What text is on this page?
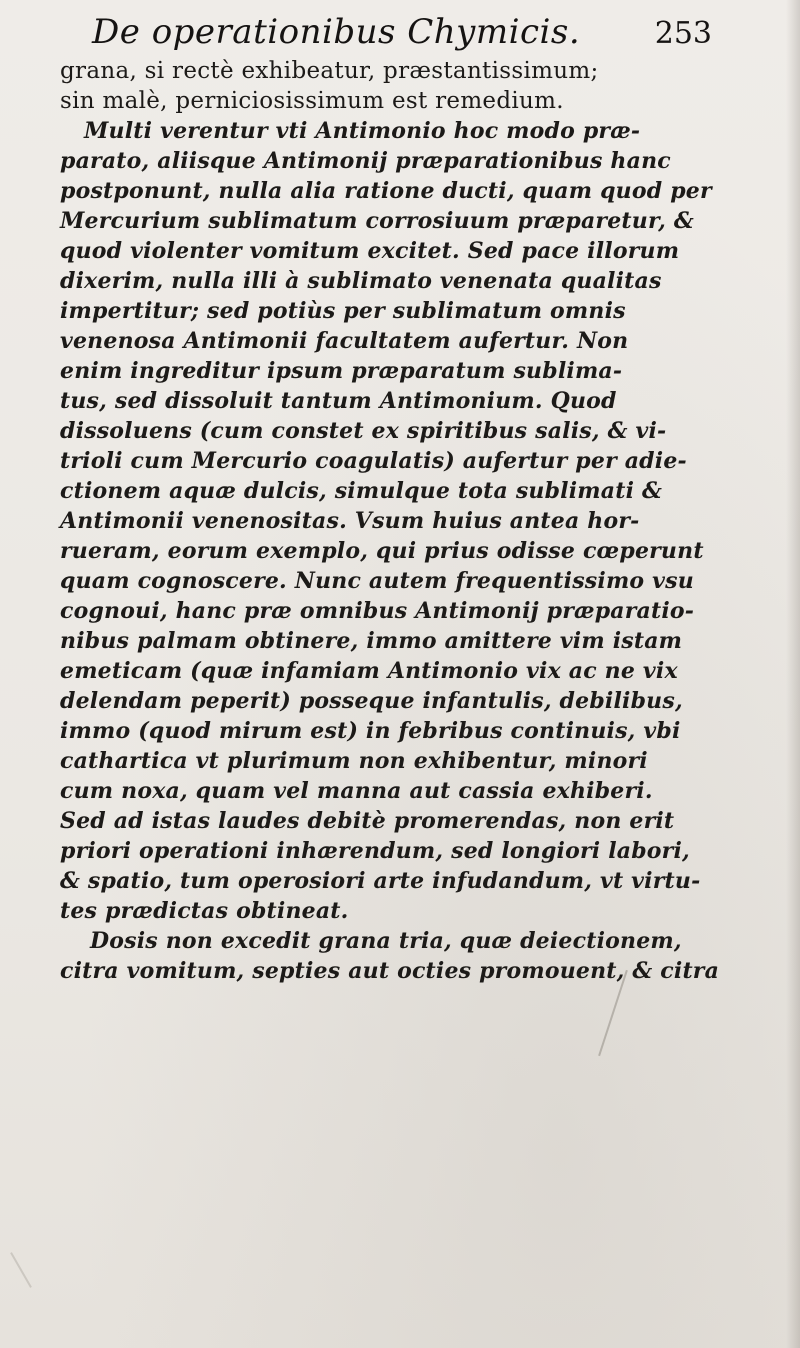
De operationibus Chymicis. 253
grana, si rectè exhibeatur, præstantissimum;
sin malè, perniciosissimum est remedium.
Multi verentur vti Antimonio hoc modo præ-
parato, aliisque Antimonij præparationibus hanc
postponunt, nulla alia ratione ducti, quam quod per
Mercurium sublimatum corrosiuum præparetur, &
quod violenter vomitum excitet. Sed pace illorum
dixerim, nulla illi à sublimato venenata qualitas
impertitur; sed potiùs per sublimatum omnis
venenosa Antimonii facultatem aufertur. Non
enim ingreditur ipsum præparatum sublima-
tus, sed dissoluit tantum Antimonium. Quod
dissoluens (cum constet ex spiritibus salis, & vi-
trioli cum Mercurio coagulatis) aufertur per adie-
ctionem aquæ dulcis, simulque tota sublimati &
Antimonii venenositas. Vsum huius antea hor-
rueram, eorum exemplo, qui prius odisse cœperunt
quam cognoscere. Nunc autem frequentissimo vsu
cognoui, hanc præ omnibus Antimonij præparatio-
nibus palmam obtinere, immo amittere vim istam
emeticam (quæ infamiam Antimonio vix ac ne vix
delendam peperit) posseque infantulis, debilibus,
immo (quod mirum est) in febribus continuis, vbi
cathartica vt plurimum non exhibentur, minori
cum noxa, quam vel manna aut cassia exhiberi.
Sed ad istas laudes debitè promerendas, non erit
priori operationi inhærendum, sed longiori labori,
& spatio, tum operosiori arte infudandum, vt virtu-
tes prædictas obtineat.
Dosis non excedit grana tria, quæ deiectionem,
citra vomitum, septies aut octies promouent, & citra
